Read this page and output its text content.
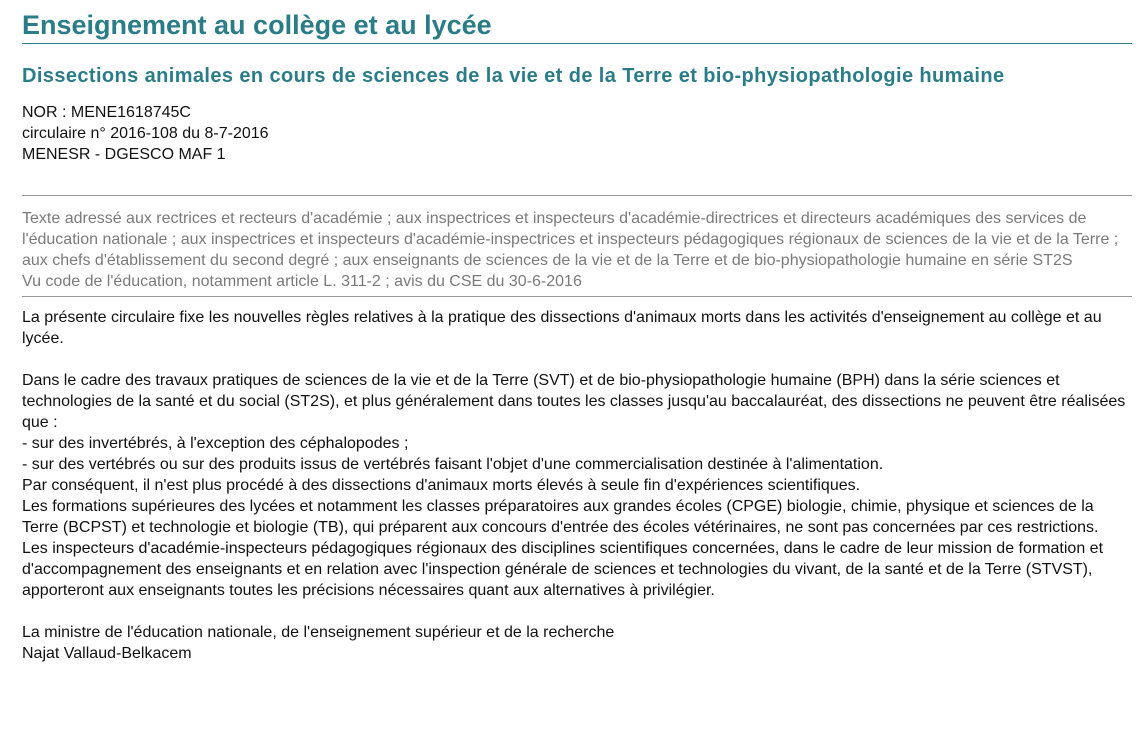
Enseignement au collège et au lycée
Dissections animales en cours de sciences de la vie et de la Terre et bio-physiopathologie humaine
NOR : MENE1618745C
circulaire n° 2016-108 du 8-7-2016
MENESR - DGESCO MAF 1
Texte adressé aux rectrices et recteurs d'académie ; aux inspectrices et inspecteurs d'académie-directrices et directeurs académiques des services de l'éducation nationale ; aux inspectrices et inspecteurs d'académie-inspectrices et inspecteurs pédagogiques régionaux de sciences de la vie et de la Terre ; aux chefs d'établissement du second degré ; aux enseignants de sciences de la vie et de la Terre et de bio-physiopathologie humaine en série ST2S
Vu code de l'éducation, notamment article L. 311-2 ; avis du CSE du 30-6-2016

La présente circulaire fixe les nouvelles règles relatives à la pratique des dissections d'animaux morts dans les activités d'enseignement au collège et au lycée.

Dans le cadre des travaux pratiques de sciences de la vie et de la Terre (SVT) et de bio-physiopathologie humaine (BPH) dans la série sciences et technologies de la santé et du social (ST2S), et plus généralement dans toutes les classes jusqu'au baccalauréat, des dissections ne peuvent être réalisées que :

- sur des invertébrés, à l'exception des céphalopodes ;

- sur des vertébrés ou sur des produits issus de vertébrés faisant l'objet d'une commercialisation destinée à l'alimentation.

Par conséquent, il n'est plus procédé à des dissections d'animaux morts élevés à seule fin d'expériences scientifiques.

Les formations supérieures des lycées et notamment les classes préparatoires aux grandes écoles (CPGE) biologie, chimie, physique et sciences de la Terre (BCPST) et technologie et biologie (TB), qui préparent aux concours d'entrée des écoles vétérinaires, ne sont pas concernées par ces restrictions.

Les inspecteurs d'académie-inspecteurs pédagogiques régionaux des disciplines scientifiques concernées, dans le cadre de leur mission de formation et d'accompagnement des enseignants et en relation avec l'inspection générale de sciences et technologies du vivant, de la santé et de la Terre (STVST), apporteront aux enseignants toutes les précisions nécessaires quant aux alternatives à privilégier.

La ministre de l'éducation nationale, de l'enseignement supérieur et de la recherche

Najat Vallaud-Belkacem
